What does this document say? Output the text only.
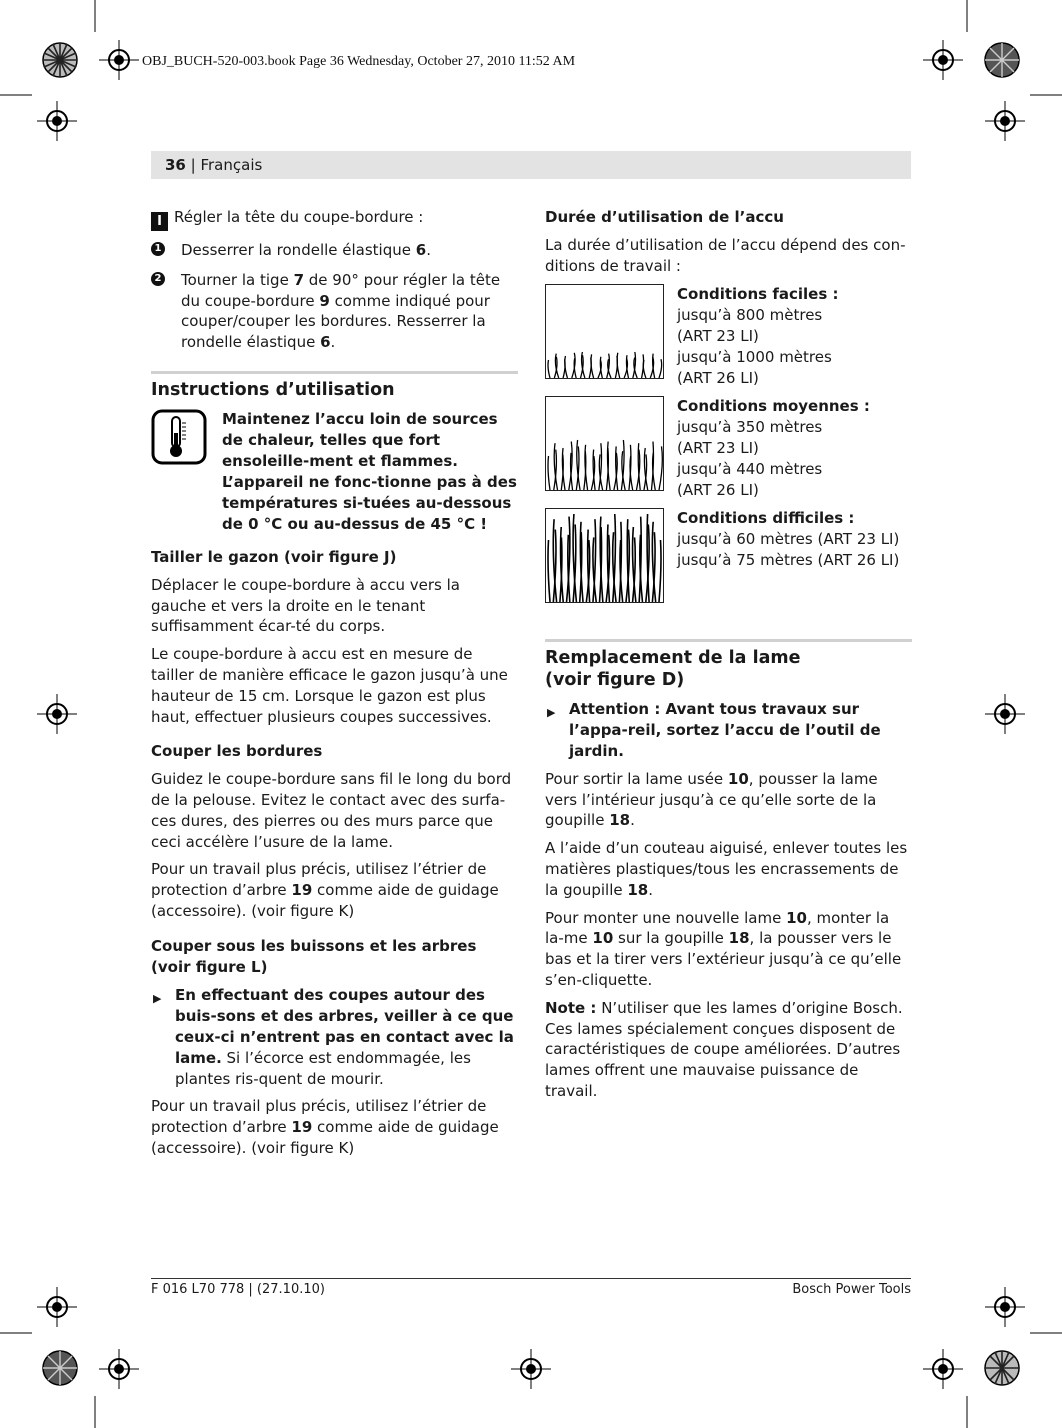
OBJ_BUCH-520-003.book Page 36 Wednesday, October 27, 2010 11:52 AM
36 | Français

I Régler la tête du coupe-bordure :

1 Desserrer la rondelle élastique 6.
2 Tourner la tige 7 de 90° pour régler la tête du coupe-bordure 9 comme indiqué pour couper/couper les bordures. Resserrer la rondelle élastique 6.
Instructions d’utilisation
Maintenez l’accu loin de sources de chaleur, telles que fort ensoleille-ment et flammes. L’appareil ne fonc-tionne pas à des températures si-tuées au-dessous de 0 °C ou au-dessus de 45 °C !

Tailler le gazon (voir figure J)

Déplacer le coupe-bordure à accu vers la gauche et vers la droite en le tenant suffisamment écar-té du corps.

Le coupe-bordure à accu est en mesure de tailler de manière efficace le gazon jusqu’à une hauteur de 15 cm. Lorsque le gazon est plus haut, effectuer plusieurs coupes successives.

Couper les bordures

Guidez le coupe-bordure sans fil le long du bord de la pelouse. Evitez le contact avec des surfa-ces dures, des pierres ou des murs parce que ceci accélère l’usure de la lame.

Pour un travail plus précis, utilisez l’étrier de protection d’arbre 19 comme aide de guidage (accessoire). (voir figure K)

Couper sous les buissons et les arbres (voir figure L)

▶ En effectuant des coupes autour des buis-sons et des arbres, veiller à ce que ceux-ci n’entrent pas en contact avec la lame. Si l’écorce est endommagée, les plantes ris-quent de mourir.

Pour un travail plus précis, utilisez l’étrier de protection d’arbre 19 comme aide de guidage (accessoire). (voir figure K)

Durée d’utilisation de l’accu

La durée d’utilisation de l’accu dépend des con-ditions de travail :

Conditions faciles :
jusqu’à 800 mètres
(ART 23 LI)
jusqu’à 1000 mètres
(ART 26 LI)
Conditions moyennes :
jusqu’à 350 mètres
(ART 23 LI)
jusqu’à 440 mètres
(ART 26 LI)
Conditions difficiles :
jusqu’à 60 mètres (ART 23 LI)
jusqu’à 75 mètres (ART 26 LI)
Remplacement de la lame
(voir figure D)
▶ Attention : Avant tous travaux sur l’appa-reil, sortez l’accu de l’outil de jardin.

Pour sortir la lame usée 10, pousser la lame vers l’intérieur jusqu’à ce qu’elle sorte de la goupille 18.

A l’aide d’un couteau aiguisé, enlever toutes les matières plastiques/tous les encrassements de la goupille 18.

Pour monter une nouvelle lame 10, monter la la-me 10 sur la goupille 18, la pousser vers le bas et la tirer vers l’extérieur jusqu’à ce qu’elle s’en-cliquette.

Note : N’utiliser que les lames d’origine Bosch. Ces lames spécialement conçues disposent de caractéristiques de coupe améliorées. D’autres lames offrent une mauvaise puissance de travail.

F 016 L70 778 | (27.10.10)	Bosch Power Tools
